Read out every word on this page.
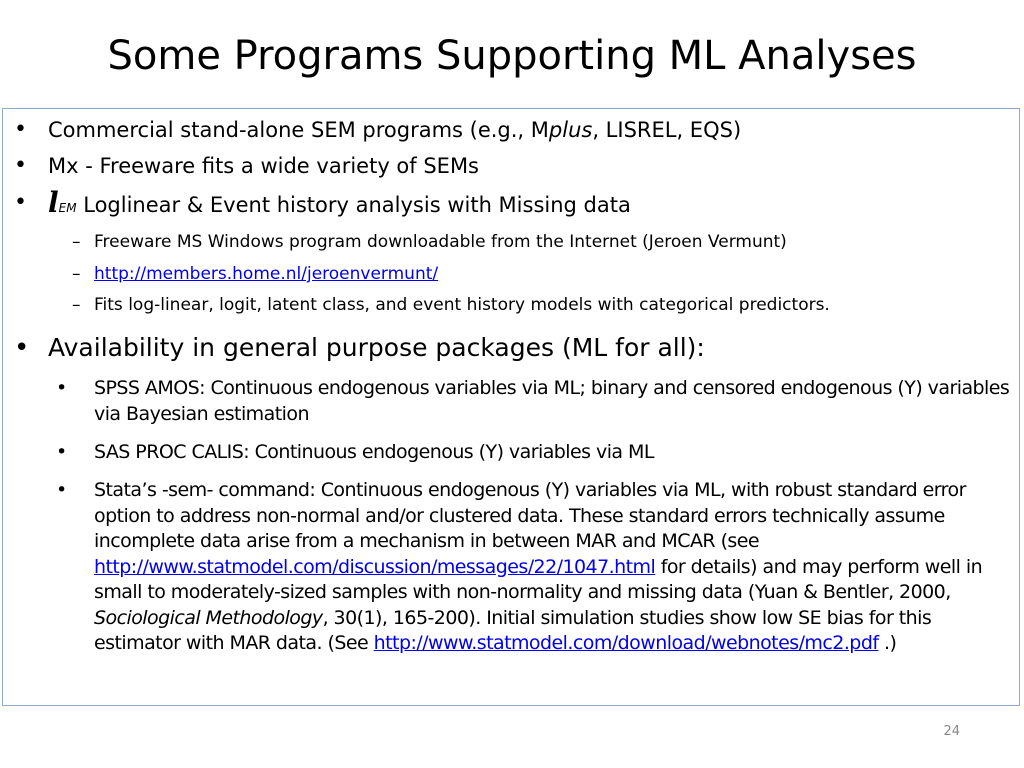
Some Programs Supporting ML Analyses
• Commercial stand-alone SEM programs (e.g., Mplus, LISREL, EQS)
• Mx - Freeware fits a wide variety of SEMs
• lEM Loglinear & Event history analysis with Missing data
– Freeware MS Windows program downloadable from the Internet (Jeroen Vermunt)
– http://members.home.nl/jeroenvermunt/
– Fits log-linear, logit, latent class, and event history models with categorical predictors.
• Availability in general purpose packages (ML for all):
• SPSS AMOS: Continuous endogenous variables via ML; binary and censored endogenous (Y) variables via Bayesian estimation
• SAS PROC CALIS: Continuous endogenous (Y) variables via ML
• Stata’s -sem- command: Continuous endogenous (Y) variables via ML, with robust standard error option to address non-normal and/or clustered data. These standard errors technically assume incomplete data arise from a mechanism in between MAR and MCAR (see http://www.statmodel.com/discussion/messages/22/1047.html for details) and may perform well in small to moderately-sized samples with non-normality and missing data (Yuan & Bentler, 2000, Sociological Methodology, 30(1), 165-200). Initial simulation studies show low SE bias for this estimator with MAR data. (See http://www.statmodel.com/download/webnotes/mc2.pdf .)
24
